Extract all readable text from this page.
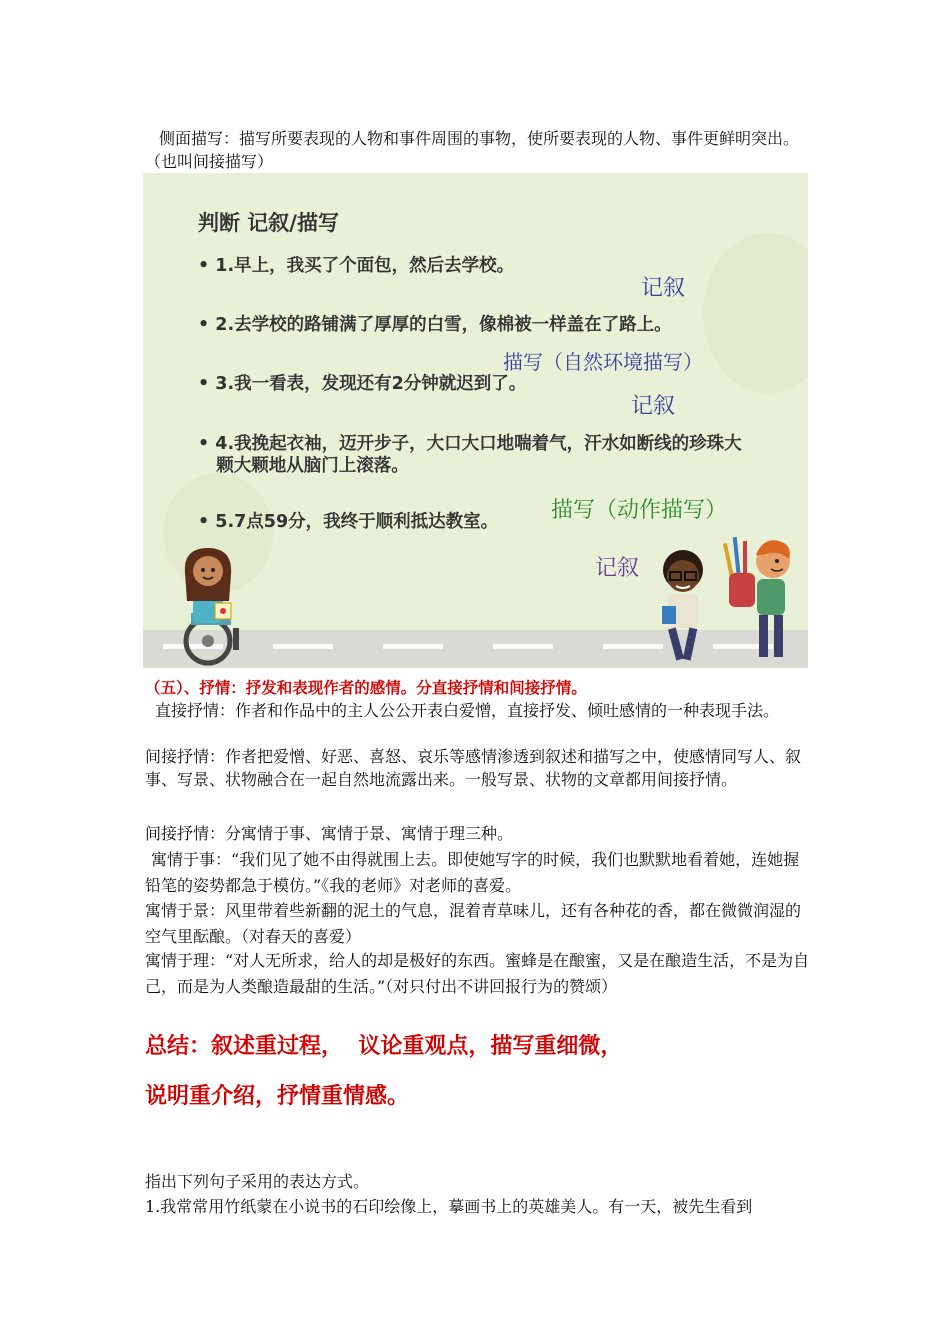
侧面描写：描写所要表现的人物和事件周围的事物，使所要表现的人物、事件更鲜明突出。（也叫间接描写）

判断 记叙/描写
• 1.早上，我买了个面包，然后去学校。
• 2.去学校的路铺满了厚厚的白雪，像棉被一样盖在了路上。
• 3.我一看表，发现还有2分钟就迟到了。
• 4.我挽起衣袖，迈开步子，大口大口地喘着气，汗水如断线的珍珠大
颗大颗地从脑门上滚落。
• 5.7点59分，我终于顺利抵达教室。
记叙
描写（自然环境描写）
记叙
描写（动作描写）
记叙

（五）、抒情：抒发和表现作者的感情。分直接抒情和间接抒情。

直接抒情：作者和作品中的主人公公开表白爱憎，直接抒发、倾吐感情的一种表现手法。

间接抒情：作者把爱憎、好恶、喜怒、哀乐等感情渗透到叙述和描写之中，使感情同写人、叙事、写景、状物融合在一起自然地流露出来。一般写景、状物的文章都用间接抒情。

间接抒情：分寓情于事、寓情于景、寓情于理三种。

寓情于事：“我们见了她不由得就围上去。即使她写字的时候，我们也默默地看着她，连她握铅笔的姿势都急于模仿。”《我的老师》对老师的喜爱。

寓情于景：风里带着些新翻的泥土的气息，混着青草味儿，还有各种花的香，都在微微润湿的空气里酝酿。（对春天的喜爱）

寓情于理：“对人无所求，给人的却是极好的东西。蜜蜂是在酿蜜，又是在酿造生活，不是为自己，而是为人类酿造最甜的生活。”（对只付出不讲回报行为的赞颂）

总结：叙述重过程，  议论重观点，描写重细微，

说明重介绍，抒情重情感。

指出下列句子采用的表达方式。

1.我常常用竹纸蒙在小说书的石印绘像上，摹画书上的英雄美人。有一天，被先生看到
